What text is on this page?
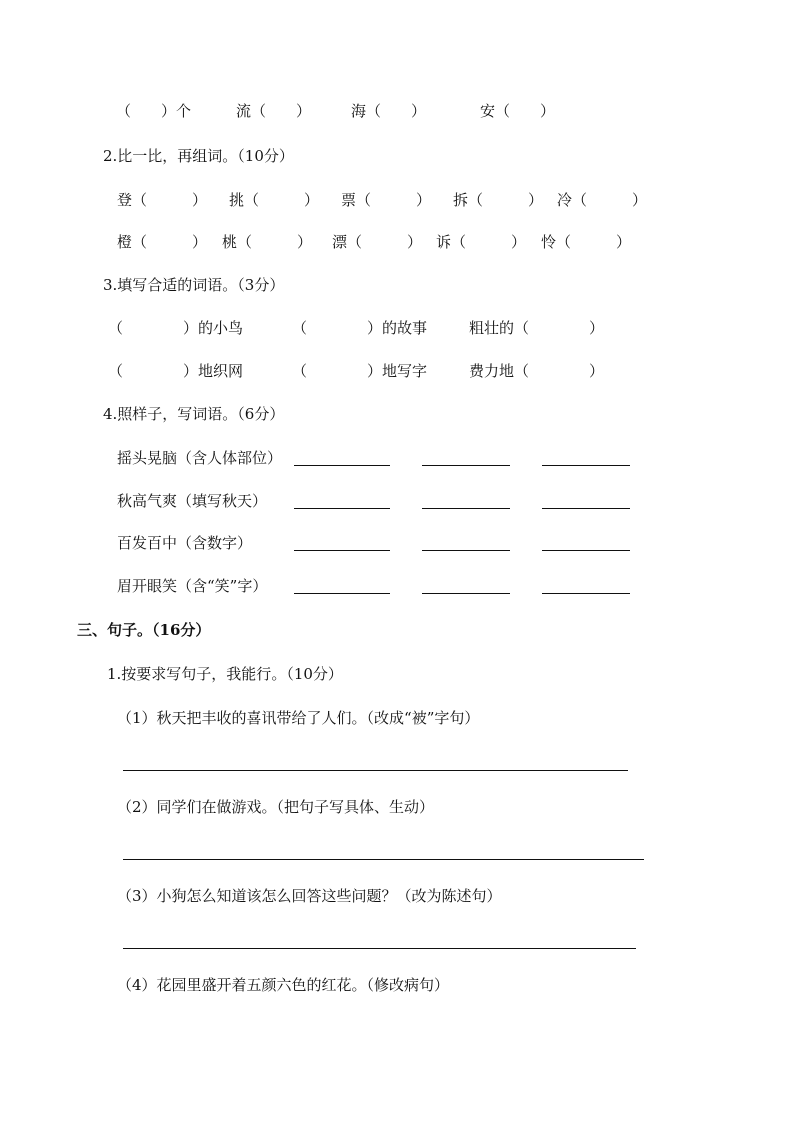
（　　）个	流（　　）	海（　　）	安（　　）
2.比一比，再组词。（10分）
登（　　　） 挑（　　　） 票（　　　） 拆（　　　） 冷（　　　）
橙（　　　） 桃（　　　） 漂（　　　） 诉（　　　） 怜（　　　）
3.填写合适的词语。（3分）
（　　　　）的小鸟	（　　　　）的故事	粗壮的（　　　　）
（　　　　）地织网	（　　　　）地写字	费力地（　　　　）
4.照样子，写词语。（6分）
摇头晃脑（含人体部位）
秋高气爽（填写秋天）
百发百中（含数字）
眉开眼笑（含“笑”字）
三、句子。（16分）
1.按要求写句子，我能行。（10分）
（1）秋天把丰收的喜讯带给了人们。（改成“被”字句）
（2）同学们在做游戏。（把句子写具体、生动）
（3）小狗怎么知道该怎么回答这些问题？（改为陈述句）
（4）花园里盛开着五颜六色的红花。（修改病句）
